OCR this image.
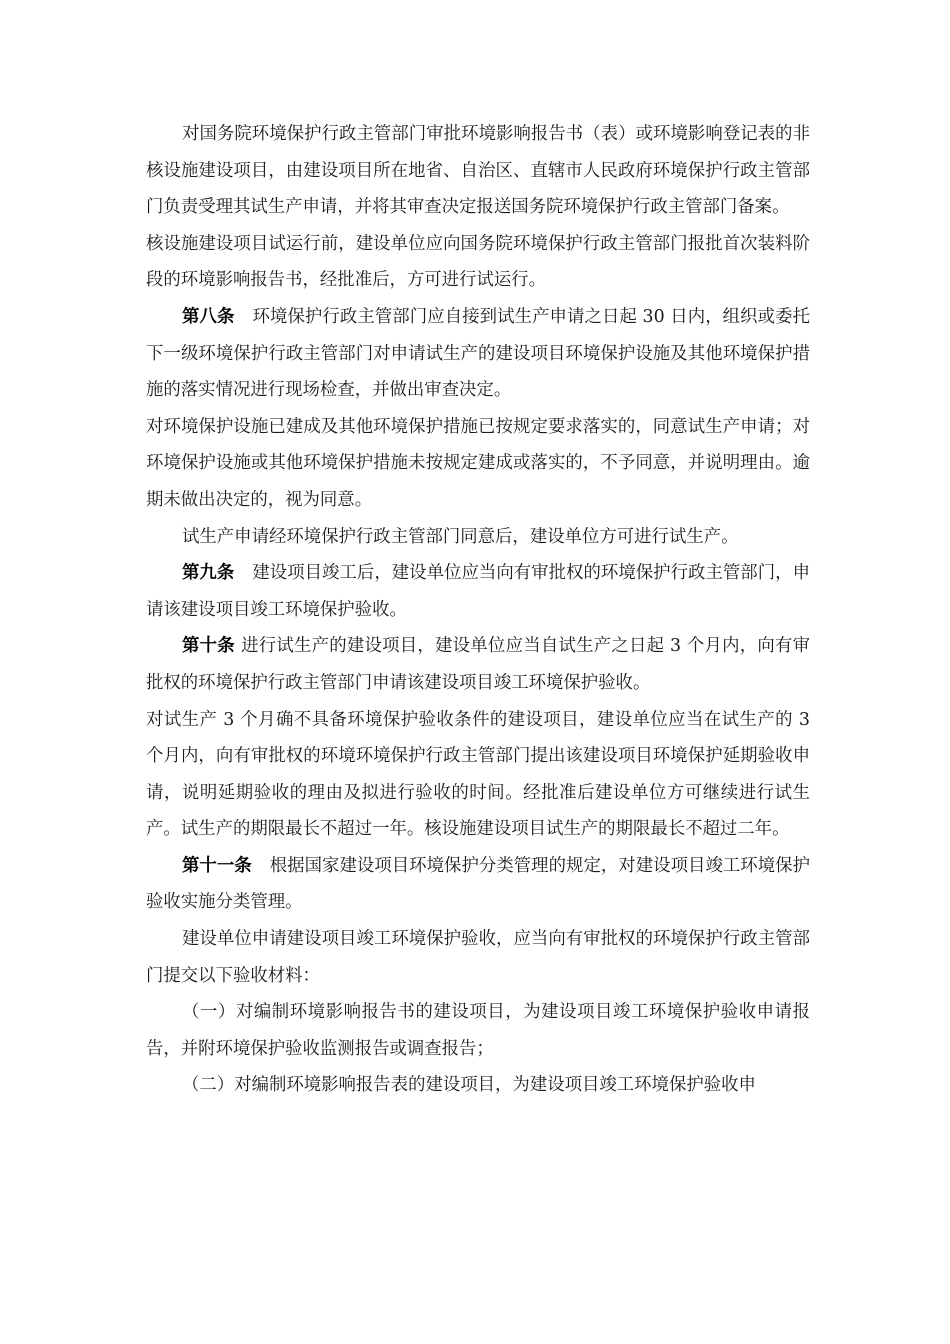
对国务院环境保护行政主管部门审批环境影响报告书（表）或环境影响登记表的非核设施建设项目，由建设项目所在地省、自治区、直辖市人民政府环境保护行政主管部门负责受理其试生产申请，并将其审查决定报送国务院环境保护行政主管部门备案。

核设施建设项目试运行前，建设单位应向国务院环境保护行政主管部门报批首次装料阶段的环境影响报告书，经批准后，方可进行试运行。

第八条 环境保护行政主管部门应自接到试生产申请之日起 30 日内，组织或委托下一级环境保护行政主管部门对申请试生产的建设项目环境保护设施及其他环境保护措施的落实情况进行现场检查，并做出审查决定。

对环境保护设施已建成及其他环境保护措施已按规定要求落实的，同意试生产申请；对环境保护设施或其他环境保护措施未按规定建成或落实的，不予同意，并说明理由。逾期未做出决定的，视为同意。

试生产申请经环境保护行政主管部门同意后，建设单位方可进行试生产。

第九条 建设项目竣工后，建设单位应当向有审批权的环境保护行政主管部门，申请该建设项目竣工环境保护验收。

第十条 进行试生产的建设项目，建设单位应当自试生产之日起 3 个月内，向有审批权的环境保护行政主管部门申请该建设项目竣工环境保护验收。

对试生产 3 个月确不具备环境保护验收条件的建设项目，建设单位应当在试生产的 3 个月内，向有审批权的环境环境保护行政主管部门提出该建设项目环境保护延期验收申请，说明延期验收的理由及拟进行验收的时间。经批准后建设单位方可继续进行试生产。试生产的期限最长不超过一年。核设施建设项目试生产的期限最长不超过二年。

第十一条 根据国家建设项目环境保护分类管理的规定，对建设项目竣工环境保护验收实施分类管理。

建设单位申请建设项目竣工环境保护验收，应当向有审批权的环境保护行政主管部门提交以下验收材料：

（一）对编制环境影响报告书的建设项目，为建设项目竣工环境保护验收申请报告，并附环境保护验收监测报告或调查报告；

（二）对编制环境影响报告表的建设项目，为建设项目竣工环境保护验收申
